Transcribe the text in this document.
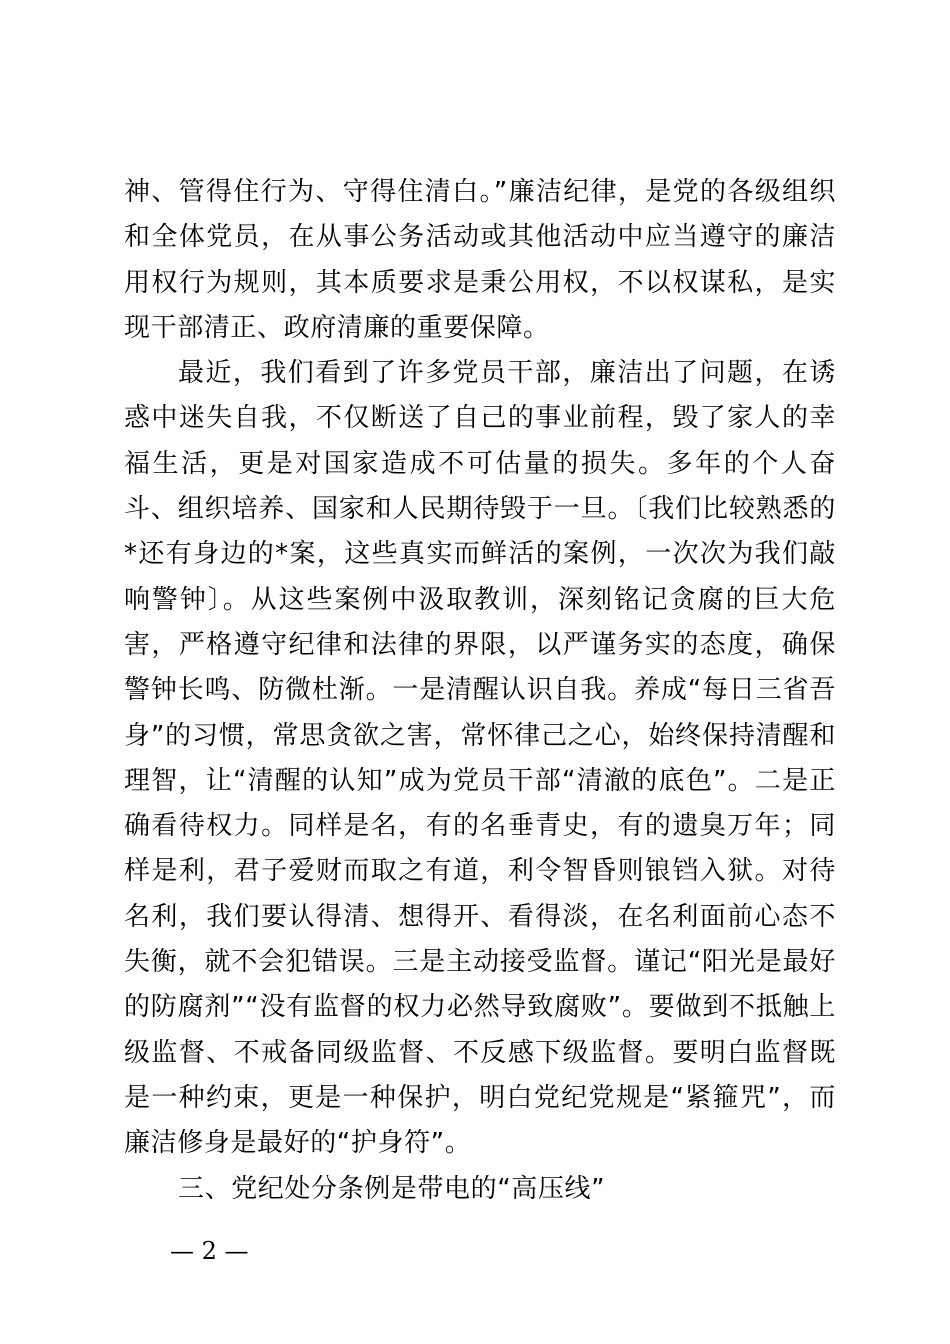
神、管得住行为、守得住清白。”廉洁纪律，是党的各级组织和全体党员，在从事公务活动或其他活动中应当遵守的廉洁用权行为规则，其本质要求是秉公用权，不以权谋私，是实现干部清正、政府清廉的重要保障。

最近，我们看到了许多党员干部，廉洁出了问题，在诱惑中迷失自我，不仅断送了自己的事业前程，毁了家人的幸福生活，更是对国家造成不可估量的损失。多年的个人奋斗、组织培养、国家和人民期待毁于一旦。〔我们比较熟悉的*还有身边的*案，这些真实而鲜活的案例，一次次为我们敲响警钟〕。从这些案例中汲取教训，深刻铭记贪腐的巨大危害，严格遵守纪律和法律的界限，以严谨务实的态度，确保警钟长鸣、防微杜渐。一是清醒认识自我。养成“每日三省吾身”的习惯，常思贪欲之害，常怀律己之心，始终保持清醒和理智，让“清醒的认知”成为党员干部“清澈的底色”。二是正确看待权力。同样是名，有的名垂青史，有的遗臭万年；同样是利，君子爱财而取之有道，利令智昏则锒铛入狱。对待名利，我们要认得清、想得开、看得淡，在名利面前心态不失衡，就不会犯错误。三是主动接受监督。谨记“阳光是最好的防腐剂”“没有监督的权力必然导致腐败”。要做到不抵触上级监督、不戒备同级监督、不反感下级监督。要明白监督既是一种约束，更是一种保护，明白党纪党规是“紧箍咒”，而廉洁修身是最好的“护身符”。

三、党纪处分条例是带电的“高压线”

— 2 —
